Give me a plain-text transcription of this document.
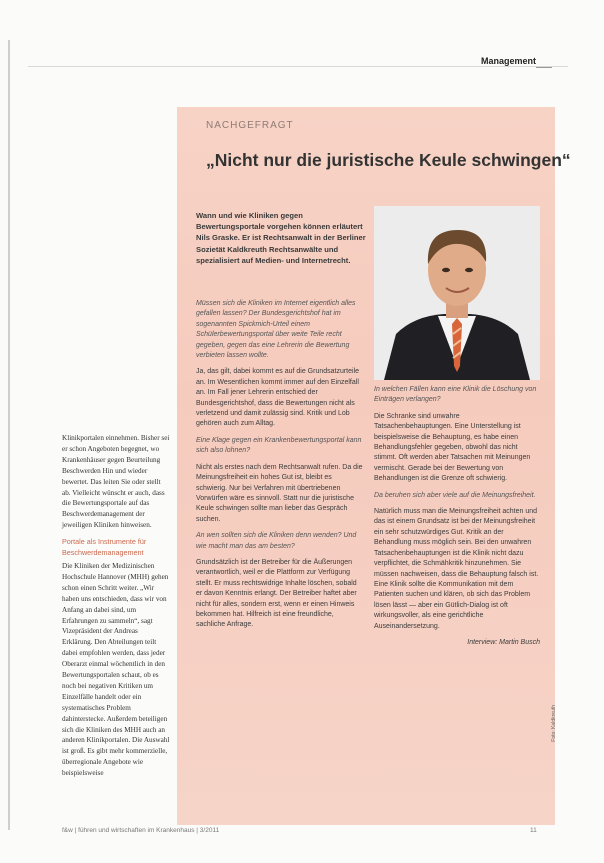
Management
NACHGEFRAGT
„Nicht nur die juristische Keule schwingen“
Wann und wie Kliniken gegen Bewertungsportale vorgehen können erläutert Nils Graske. Er ist Rechtsanwalt in der Berliner Sozietät Kaldkreuth Rechtsanwälte und spezialisiert auf Medien- und Internetrecht.

Müssen sich die Kliniken im Internet eigentlich alles gefallen lassen? Der Bundesgerichtshof hat im sogenannten Spickmich-Urteil einem Schülerbewertungsportal über weite Teile recht gegeben, gegen das eine Lehrerin die Bewertung verbieten lassen wollte.

Ja, das gilt, dabei kommt es auf die Grundsatzurteile an. Im Wesentlichen kommt immer auf den Einzelfall an. Im Fall jener Lehrerin entschied der Bundesgerichtshof, dass die Bewertungen nicht als verletzend und damit zulässig sind. Kritik und Lob gehören auch zum Alltag.

Eine Klage gegen ein Krankenbewertungsportal kann sich also lohnen?

Nicht als erstes nach dem Rechtsanwalt rufen. Da die Meinungsfreiheit ein hohes Gut ist, bleibt es schwierig. Nur bei Verfahren mit übertriebenen Vorwürfen wäre es sinnvoll. Statt nur die juristische Keule schwingen sollte man lieber das Gespräch suchen.

An wen sollten sich die Kliniken denn wenden? Und wie macht man das am besten?

Grundsätzlich ist der Betreiber für die Äußerungen verantwortlich, weil er die Plattform zur Verfügung stellt. Er muss rechtswidrige Inhalte löschen, sobald er davon Kenntnis erlangt. Der Betreiber haftet aber nicht für alles, sondern erst, wenn er einen Hinweis bekommen hat. Hilfreich ist eine freundliche, sachliche Anfrage.

In welchen Fällen kann eine Klinik die Löschung von Einträgen verlangen?

Die Schranke sind unwahre Tatsachenbehauptungen. Eine Unterstellung ist beispielsweise die Behauptung, es habe einen Behandlungsfehler gegeben, obwohl das nicht stimmt. Oft werden aber Tatsachen mit Meinungen vermischt. Gerade bei der Bewertung von Behandlungen ist die Grenze oft schwierig.

Da beruhen sich aber viele auf die Meinungsfreiheit.

Natürlich muss man die Meinungsfreiheit achten und das ist einem Grundsatz ist bei der Meinungsfreiheit ein sehr schutzwürdiges Gut. Kritik an der Behandlung muss möglich sein. Bei den unwahren Tatsachenbehauptungen ist die Klinik nicht dazu verpflichtet, die Schmähkritik hinzunehmen. Sie müssen nachweisen, dass die Behauptung falsch ist. Eine Klinik sollte die Kommunikation mit dem Patienten suchen und klären, ob sich das Problem lösen lässt — aber ein Gütlich-Dialog ist oft wirkungsvoller, als eine gerichtliche Auseinandersetzung.

Interview: Martin Busch

Foto: Kaldkreuth

Klinikportalen einnehmen. Bisher sei er schon Angeboten begegnet, wo Krankenhäuser gegen Beurteilung Beschwerden Hin und wieder bewertet. Das leiten Sie oder stellt ab. Vielleicht wünscht er auch, dass die Bewertungsportale auf das Beschwerdemanagement der jeweiligen Kliniken hinweisen.

Portale als Instrumente für Beschwerdemanagement

Die Kliniken der Medizinischen Hochschule Hannover (MHH) gehen schon einen Schritt weiter. „Wir haben uns entschieden, dass wir von Anfang an dabei sind, um Erfahrungen zu sammeln“, sagt Vizepräsident der Andreas Erklärung. Den Abteilungen teilt dabei empfohlen werden, dass jeder Oberarzt einmal wöchentlich in den Bewertungsportalen schaut, ob es noch bei negativen Kritiken um Einzelfälle handelt oder ein systematisches Problem dahinterstecke. Außerdem beteiligen sich die Kliniken des MHH auch an anderen Klinikportalen. Die Auswahl ist groß. Es gibt mehr kommerzielle, überregionale Angebote wie beispielsweise

f&w | führen und wirtschaften im Krankenhaus | 3/2011	11
